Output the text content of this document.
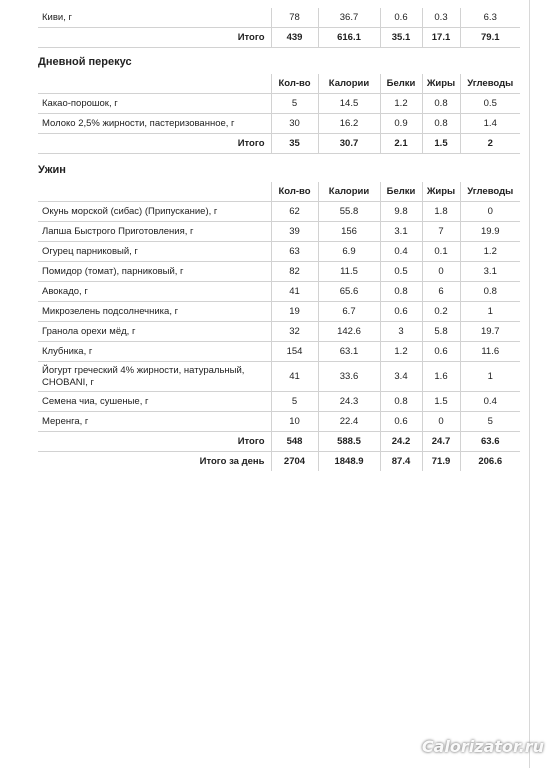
Киви, г	78	36.7	0.6	0.3	6.3
Итого	439	616.1	35.1	17.1	79.1
Дневной перекус
	Кол-во	Калории	Белки	Жиры	Углеводы
Какао-порошок, г	5	14.5	1.2	0.8	0.5
Молоко 2,5% жирности, пастеризованное, г	30	16.2	0.9	0.8	1.4
Итого	35	30.7	2.1	1.5	2
Ужин
	Кол-во	Калории	Белки	Жиры	Углеводы
Окунь морской (сибас) (Припускание), г	62	55.8	9.8	1.8	0
Лапша Быстрого Приготовления, г	39	156	3.1	7	19.9
Огурец парниковый, г	63	6.9	0.4	0.1	1.2
Помидор (томат), парниковый, г	82	11.5	0.5	0	3.1
Авокадо, г	41	65.6	0.8	6	0.8
Микрозелень подсолнечника, г	19	6.7	0.6	0.2	1
Гранола орехи мёд, г	32	142.6	3	5.8	19.7
Клубника, г	154	63.1	1.2	0.6	11.6
Йогурт греческий 4% жирности, натуральный, CHOBANI, г	41	33.6	3.4	1.6	1
Семена чиа, сушеные, г	5	24.3	0.8	1.5	0.4
Меренга, г	10	22.4	0.6	0	5
Итого	548	588.5	24.2	24.7	63.6
Итого за день	2704	1848.9	87.4	71.9	206.6
Calorizator.ru
